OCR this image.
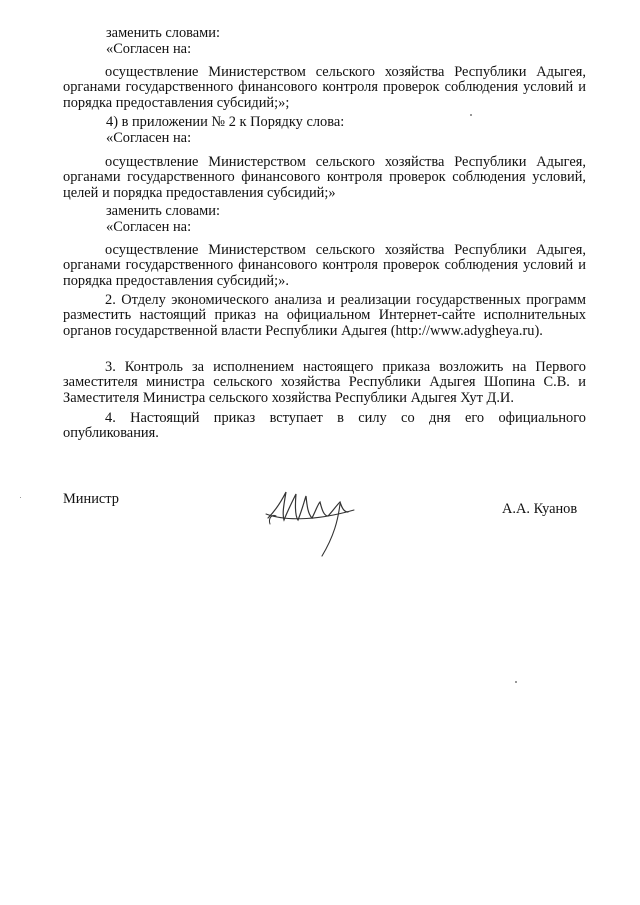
заменить словами:
«Согласен на:
осуществление Министерством сельского хозяйства Республики Адыгея, органами государственного финансового контроля проверок соблюдения условий и порядка предоставления субсидий;»;
4) в приложении № 2 к Порядку слова:
«Согласен на:
осуществление Министерством сельского хозяйства Республики Адыгея, органами государственного финансового контроля проверок соблюдения условий, целей и порядка предоставления субсидий;»
заменить словами:
«Согласен на:
осуществление Министерством сельского хозяйства Республики Адыгея, органами государственного финансового контроля проверок соблюдения условий и порядка предоставления субсидий;».
2. Отделу экономического анализа и реализации государственных программ разместить настоящий приказ на официальном Интернет-сайте исполнительных органов государственной власти Республики Адыгея (http://www.adygheya.ru).
3. Контроль за исполнением настоящего приказа возложить на Первого заместителя министра сельского хозяйства Республики Адыгея Шопина С.В. и Заместителя Министра сельского хозяйства Республики Адыгея Хут Д.И.
4. Настоящий приказ вступает в силу со дня его официального опубликования.
Министр
А.А. Куанов
